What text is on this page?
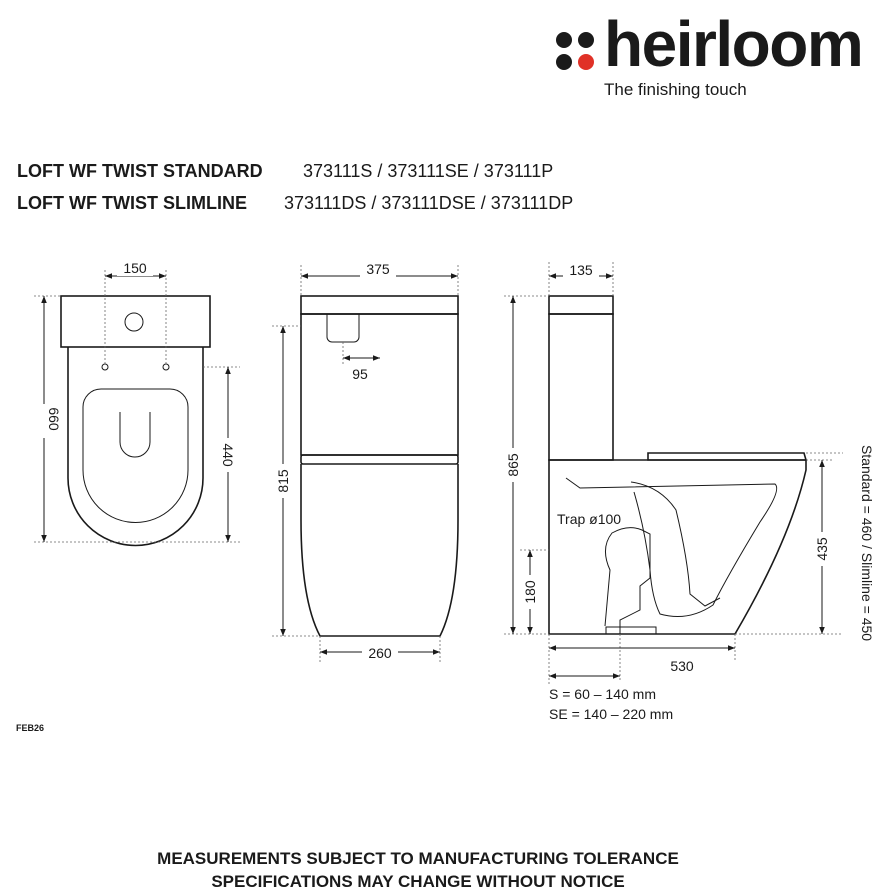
heirloom
The finishing touch
LOFT WF TWIST STANDARD 373111S / 373111SE / 373111P
LOFT WF TWIST SLIMLINE 373111DS / 373111DSE / 373111DP
150
660
440
375
95
815
260
135
865
180
435 Standard = 460 / Slimline = 450
Trap ø100
530
S = 60 – 140 mm
SE = 140 – 220 mm
FEB26
MEASUREMENTS SUBJECT TO MANUFACTURING TOLERANCE
SPECIFICATIONS MAY CHANGE WITHOUT NOTICE
